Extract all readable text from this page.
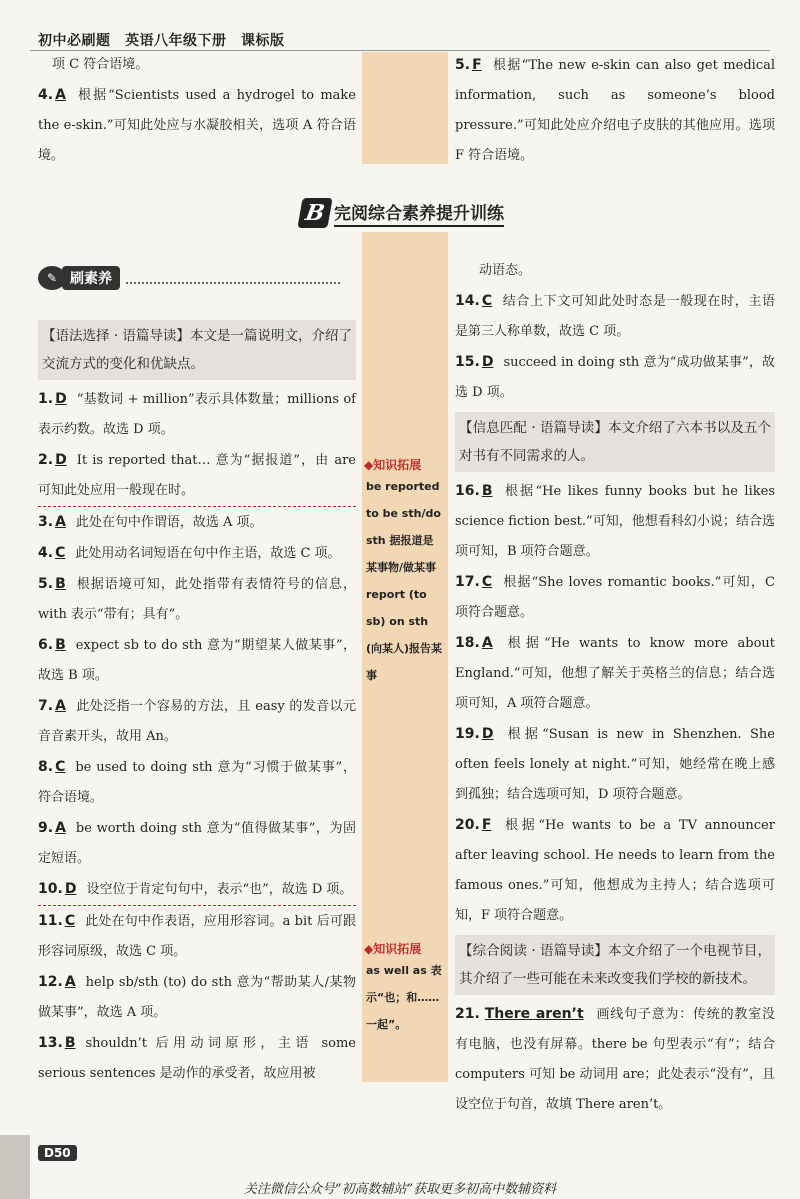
初中必刷题　英语八年级下册　课标版
◆知识拓展
be reported to be sth/do sth 据报道是某事物/做某事 report (to sb) on sth (向某人)报告某事
◆知识拓展
as well as 表示“也；和……一起”。
项 C 符合语境。
4. A 根据“Scientists used a hydrogel to make the e-skin.”可知此处应与水凝胶相关，选项 A 符合语境。
5. F 根据“The new e-skin can also get medical information, such as someone’s blood pressure.”可知此处应介绍电子皮肤的其他应用。选项 F 符合语境。
B 完阅综合素养提升训练
✎ 刷素养
【语法选择 · 语篇导读】本文是一篇说明文，介绍了交流方式的变化和优缺点。
1. D “基数词 + million”表示具体数量；millions of 表示约数。故选 D 项。
2. D It is reported that… 意为“据报道”，由 are 可知此处应用一般现在时。
3. A 此处在句中作谓语，故选 A 项。
4. C 此处用动名词短语在句中作主语，故选 C 项。
5. B 根据语境可知，此处指带有表情符号的信息，with 表示“带有；具有”。
6. B expect sb to do sth 意为“期望某人做某事”，故选 B 项。
7. A 此处泛指一个容易的方法，且 easy 的发音以元音音素开头，故用 An。
8. C be used to doing sth 意为“习惯于做某事”，符合语境。
9. A be worth doing sth 意为“值得做某事”，为固定短语。
10. D 设空位于肯定句句中，表示“也”，故选 D 项。
11. C 此处在句中作表语，应用形容词。a bit 后可跟形容词原级，故选 C 项。
12. A help sb/sth (to) do sth 意为“帮助某人/某物做某事”，故选 A 项。
13. B shouldn’t 后用动词原形，主语 some serious sentences 是动作的承受者，故应用被
动语态。
14. C 结合上下文可知此处时态是一般现在时，主语是第三人称单数，故选 C 项。
15. D succeed in doing sth 意为“成功做某事”，故选 D 项。
【信息匹配 · 语篇导读】本文介绍了六本书以及五个对书有不同需求的人。
16. B 根据“He likes funny books but he likes science fiction best.”可知，他想看科幻小说；结合选项可知，B 项符合题意。
17. C 根据“She loves romantic books.”可知，C 项符合题意。
18. A 根据“He wants to know more about England.”可知，他想了解关于英格兰的信息；结合选项可知，A 项符合题意。
19. D 根据“Susan is new in Shenzhen. She often feels lonely at night.”可知，她经常在晚上感到孤独；结合选项可知，D 项符合题意。
20. F 根据“He wants to be a TV announcer after leaving school. He needs to learn from the famous ones.”可知，他想成为主持人；结合选项可知，F 项符合题意。
【综合阅读 · 语篇导读】本文介绍了一个电视节目，其介绍了一些可能在未来改变我们学校的新技术。
21. There aren’t 画线句子意为：传统的教室没有电脑，也没有屏幕。there be 句型表示“有”；结合 computers 可知 be 动词用 are；此处表示“没有”，且设空位于句首，故填 There aren’t。
D50
关注微信公众号“初高数辅站”获取更多初高中数辅资料
